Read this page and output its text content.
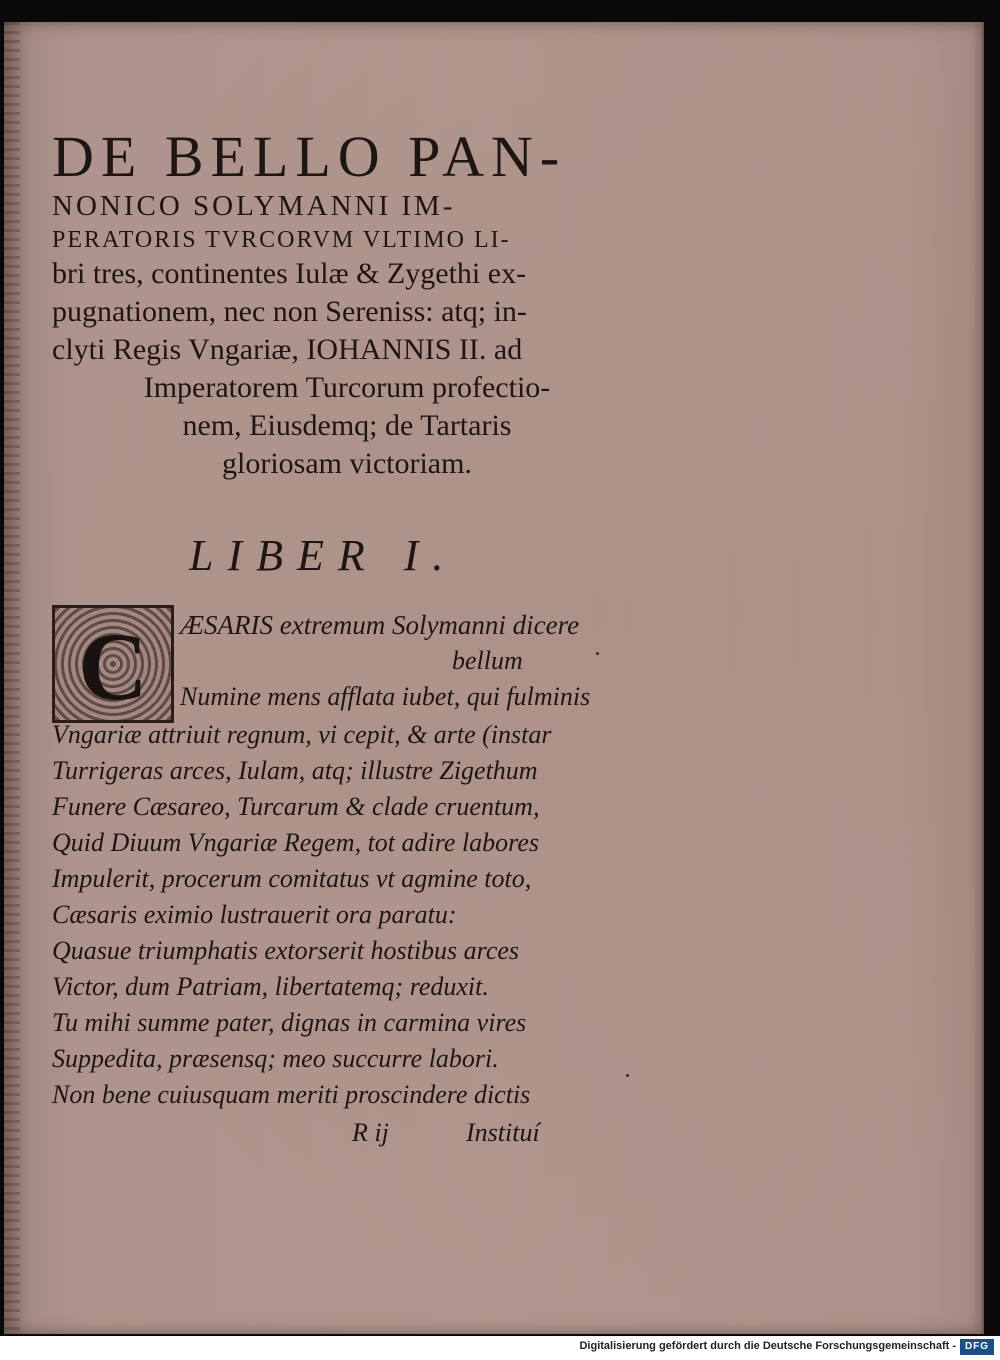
DE BELLO PAN-

NONICO SOLYMANNI IM-

PERATORIS TVRCORVM VLTIMO LI-

bri tres, continentes Iulæ & Zygethi ex-

pugnationem, nec non Sereniss: atq; in-

clyti Regis Vngariæ, IOHANNIS II. ad

Imperatorem Turcorum profectio-

nem, Eiusdemq; de Tartaris

gloriosam victoriam.

LIBER I.
C	ÆSARIS extremum Solymanni dicere

bellum

Numine mens afflata iubet, qui fulminis

Vngariæ attriuit regnum, vi cepit, & arte (instar

Turrigeras arces, Iulam, atq; illustre Zigethum

Funere Cæsareo, Turcarum & clade cruentum,

Quid Diuum Vngariæ Regem, tot adire labores

Impulerit, procerum comitatus vt agmine toto,

Cæsaris eximio lustrauerit ora paratu:

Quasue triumphatis extorserit hostibus arces

Victor, dum Patriam, libertatemq; reduxit.

Tu mihi summe pater, dignas in carmina vires

Suppedita, præsensq; meo succurre labori.

Non bene cuiusquam meriti proscindere dictis

R ij	Instituí

Digitalisierung gefördert durch die Deutsche Forschungsgemeinschaft - DFG
